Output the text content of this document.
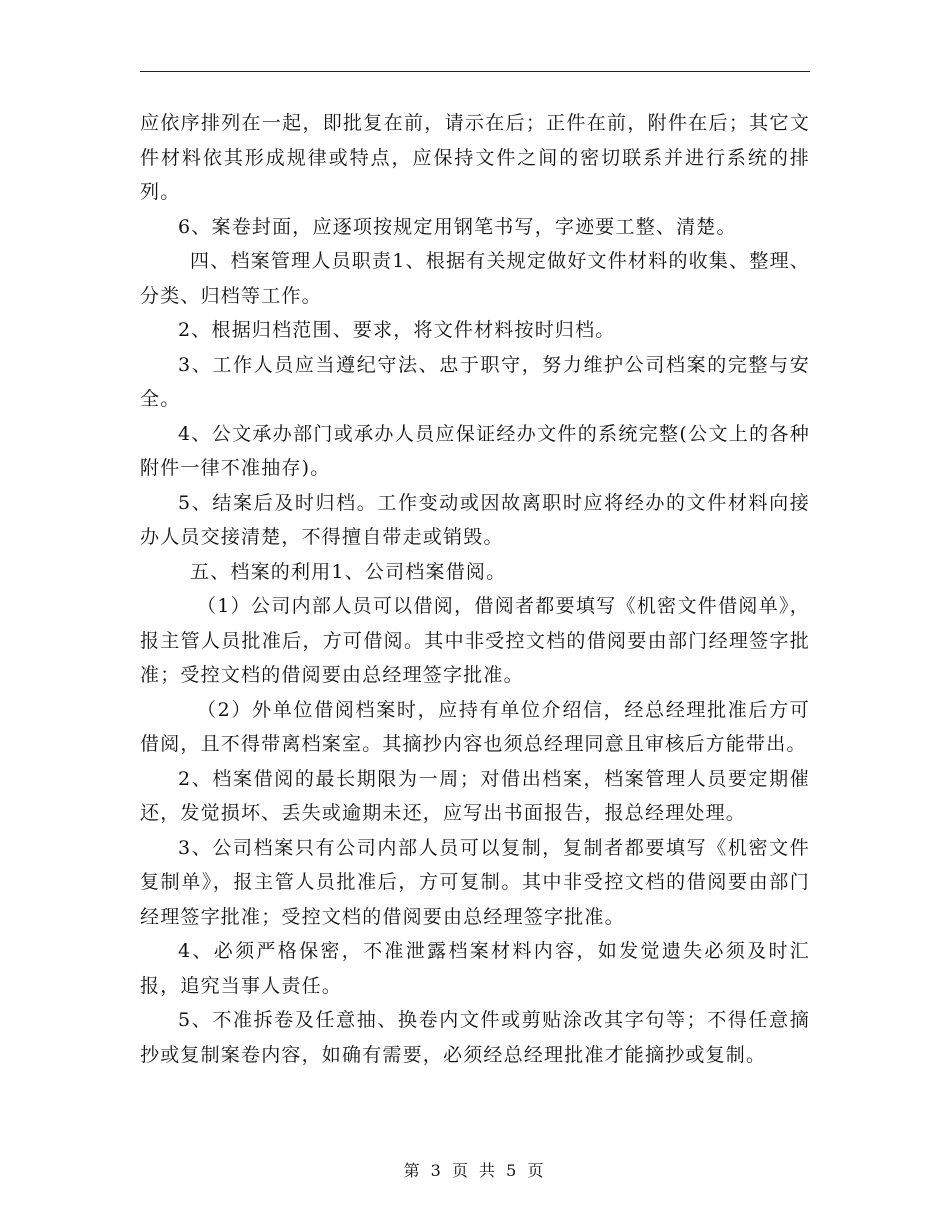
应依序排列在一起，即批复在前，请示在后；正件在前，附件在后；其它文件材料依其形成规律或特点，应保持文件之间的密切联系并进行系统的排列。

6、案卷封面，应逐项按规定用钢笔书写，字迹要工整、清楚。

四、档案管理人员职责1、根据有关规定做好文件材料的收集、整理、分类、归档等工作。

2、根据归档范围、要求，将文件材料按时归档。

3、工作人员应当遵纪守法、忠于职守，努力维护公司档案的完整与安全。

4、公文承办部门或承办人员应保证经办文件的系统完整(公文上的各种附件一律不准抽存)。

5、结案后及时归档。工作变动或因故离职时应将经办的文件材料向接办人员交接清楚，不得擅自带走或销毁。

五、档案的利用1、公司档案借阅。

（1）公司内部人员可以借阅，借阅者都要填写《机密文件借阅单》，报主管人员批准后，方可借阅。其中非受控文档的借阅要由部门经理签字批准；受控文档的借阅要由总经理签字批准。

（2）外单位借阅档案时，应持有单位介绍信，经总经理批准后方可借阅，且不得带离档案室。其摘抄内容也须总经理同意且审核后方能带出。

2、档案借阅的最长期限为一周；对借出档案，档案管理人员要定期催还，发觉损坏、丢失或逾期未还，应写出书面报告，报总经理处理。

3、公司档案只有公司内部人员可以复制，复制者都要填写《机密文件复制单》，报主管人员批准后，方可复制。其中非受控文档的借阅要由部门经理签字批准；受控文档的借阅要由总经理签字批准。

4、必须严格保密，不准泄露档案材料内容，如发觉遗失必须及时汇报，追究当事人责任。

5、不准拆卷及任意抽、换卷内文件或剪贴涂改其字句等；不得任意摘抄或复制案卷内容，如确有需要，必须经总经理批准才能摘抄或复制。

第 3 页 共 5 页
